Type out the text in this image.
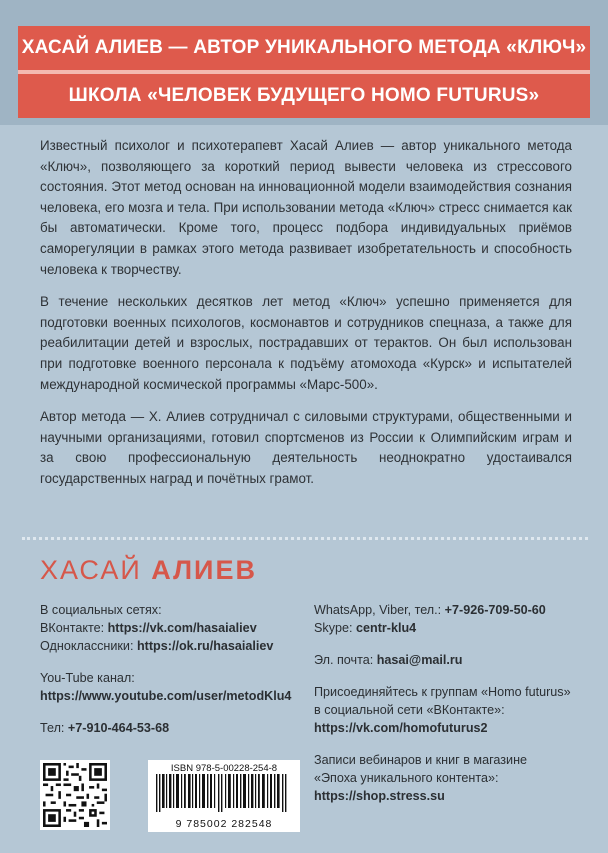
ХАСАЙ АЛИЕВ — АВТОР УНИКАЛЬНОГО МЕТОДА «КЛЮЧ»
ШКОЛА «ЧЕЛОВЕК БУДУЩЕГО HOMO FUTURUS»

Известный психолог и психотерапевт Хасай Алиев — автор уникального метода «Ключ», позволяющего за короткий период вывести человека из стрессового состояния. Этот метод основан на инновационной модели взаимодействия сознания человека, его мозга и тела. При использовании метода «Ключ» стресс снимается как бы автоматически. Кроме того, процесс подбора индивидуальных приёмов саморегуляции в рамках этого метода развивает изобретательность и способность человека к творчеству.

В течение нескольких десятков лет метод «Ключ» успешно применяется для подготовки военных психологов, космонавтов и сотрудников спецназа, а также для реабилитации детей и взрослых, пострадавших от терактов. Он был использован при подготовке военного персонала к подъёму атомохода «Курск» и испытателей международной космической программы «Марс-500».

Автор метода — Х. Алиев сотрудничал с силовыми структурами, общественными и научными организациями, готовил спортсменов из России к Олимпийским играм и за свою профессиональную деятельность неоднократно удостаивался государственных наград и почётных грамот.

ХАСАЙ АЛИЕВ
В социальных сетях:
ВКонтакте: https://vk.com/hasaialiev
Одноклассники: https://ok.ru/hasaialiev
You-Tube канал:
https://www.youtube.com/user/metodKlu4
Тел: +7-910-464-53-68
WhatsApp, Viber, тел.: +7-926-709-50-60
Skype: centr-klu4
Эл. почта: hasai@mail.ru
Присоединяйтесь к группам «Homo futurus»
в социальной сети «ВКонтакте»:
https://vk.com/homofuturus2
Записи вебинаров и книг в магазине
«Эпоха уникального контента»:
https://shop.stress.su
ISBN 978-5-00228-254-8
9 785002 282548
